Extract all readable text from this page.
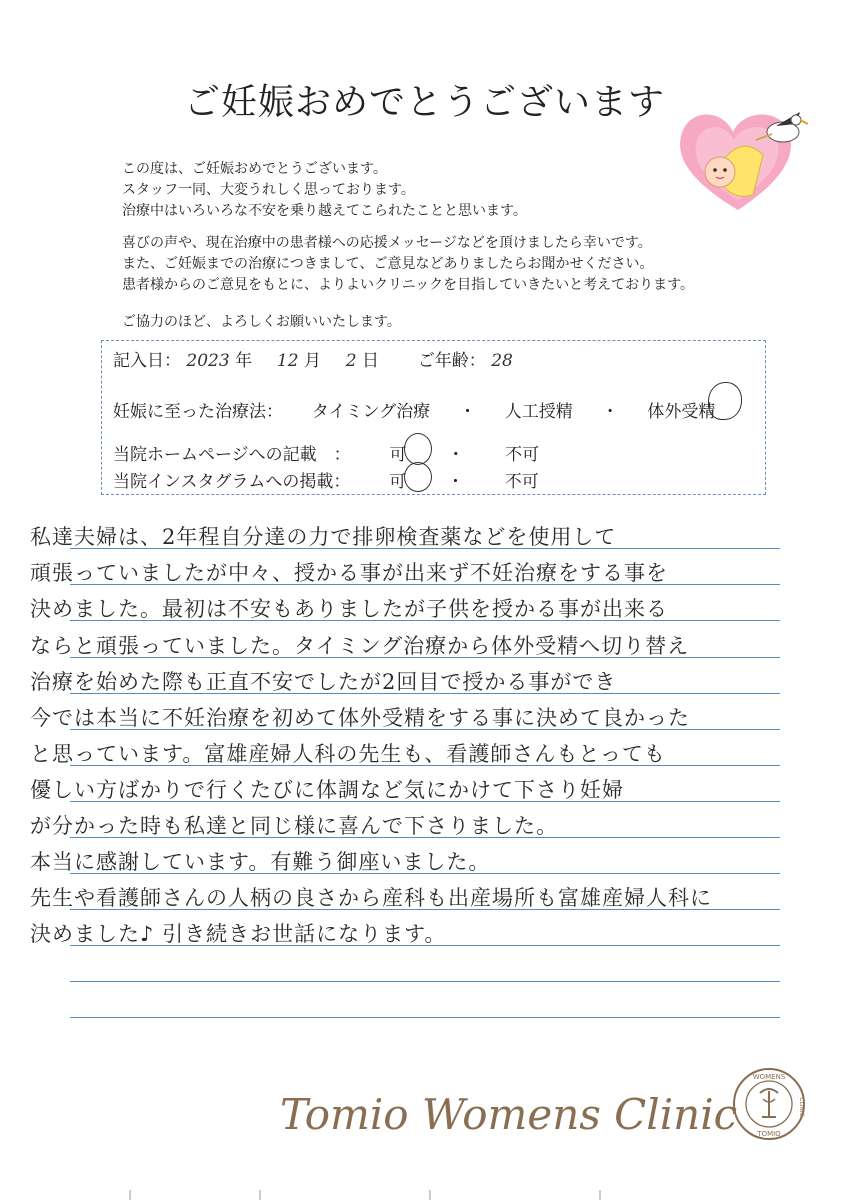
ご妊娠おめでとうございます
この度は、ご妊娠おめでとうございます。
スタッフ一同、大変うれしく思っております。
治療中はいろいろな不安を乗り越えてこられたことと思います。
喜びの声や、現在治療中の患者様への応援メッセージなどを頂けましたら幸いです。
また、ご妊娠までの治療につきまして、ご意見などありましたらお聞かせください。
患者様からのご意見をもとに、よりよいクリニックを目指していきたいと考えております。
ご協力のほど、よろしくお願いいたします。
記入日： 2023 年 12 月 2 日 ご年齢： 28
妊娠に至った治療法： タイミング治療 ・ 人工授精 ・ 体外受精
当院ホームページへの記載　： 可 ・ 不可
当院インスタグラムへの掲載： 可 ・ 不可
私達夫婦は、2年程自分達の力で排卵検査薬などを使用して
頑張っていましたが中々、授かる事が出来ず不妊治療をする事を
決めました。最初は不安もありましたが子供を授かる事が出来る
ならと頑張っていました。タイミング治療から体外受精へ切り替え
治療を始めた際も正直不安でしたが2回目で授かる事ができ
今では本当に不妊治療を初めて体外受精をする事に決めて良かった
と思っています。富雄産婦人科の先生も、看護師さんもとっても
優しい方ばかりで行くたびに体調など気にかけて下さり妊婦
が分かった時も私達と同じ様に喜んで下さりました。
本当に感謝しています。有難う御座いました。
先生や看護師さんの人柄の良さから産科も出産場所も富雄産婦人科に
決めました♪ 引き続きお世話になります。
Tomio Womens Clinic
WOMENS
TOMIO
CLINIC
